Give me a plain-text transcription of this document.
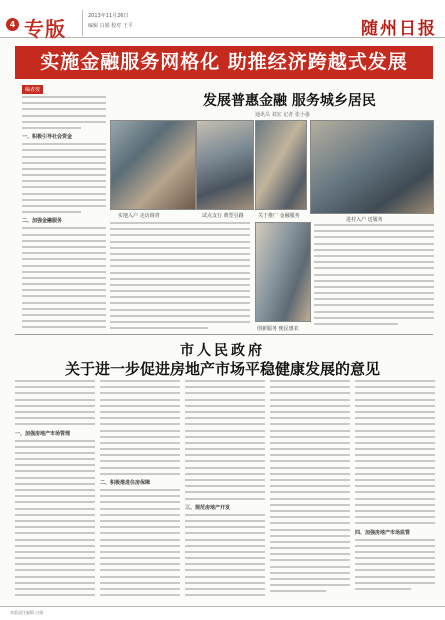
4 专版
2013年11月26日
编辑 白娟 校对 王平	随州日报
实施金融服务网格化 助推经济跨越式发展
编者按
一、积极引导社会资金
二、加强金融服务
发展普惠金融 服务城乡居民
通讯员 刘宏 记者 张小强
实地入户 走访调查	试点支行 典型引路	关于推广 金融服务
进村入户 送服务
创新服务 便民惠农
市人民政府
关于进一步促进房地产市场平稳健康发展的意见
一、加强房地产市场管理
二、积极推进住房保障
三、规范房地产开发
四、加强房地产市场监管
本版责任编辑 白娟
